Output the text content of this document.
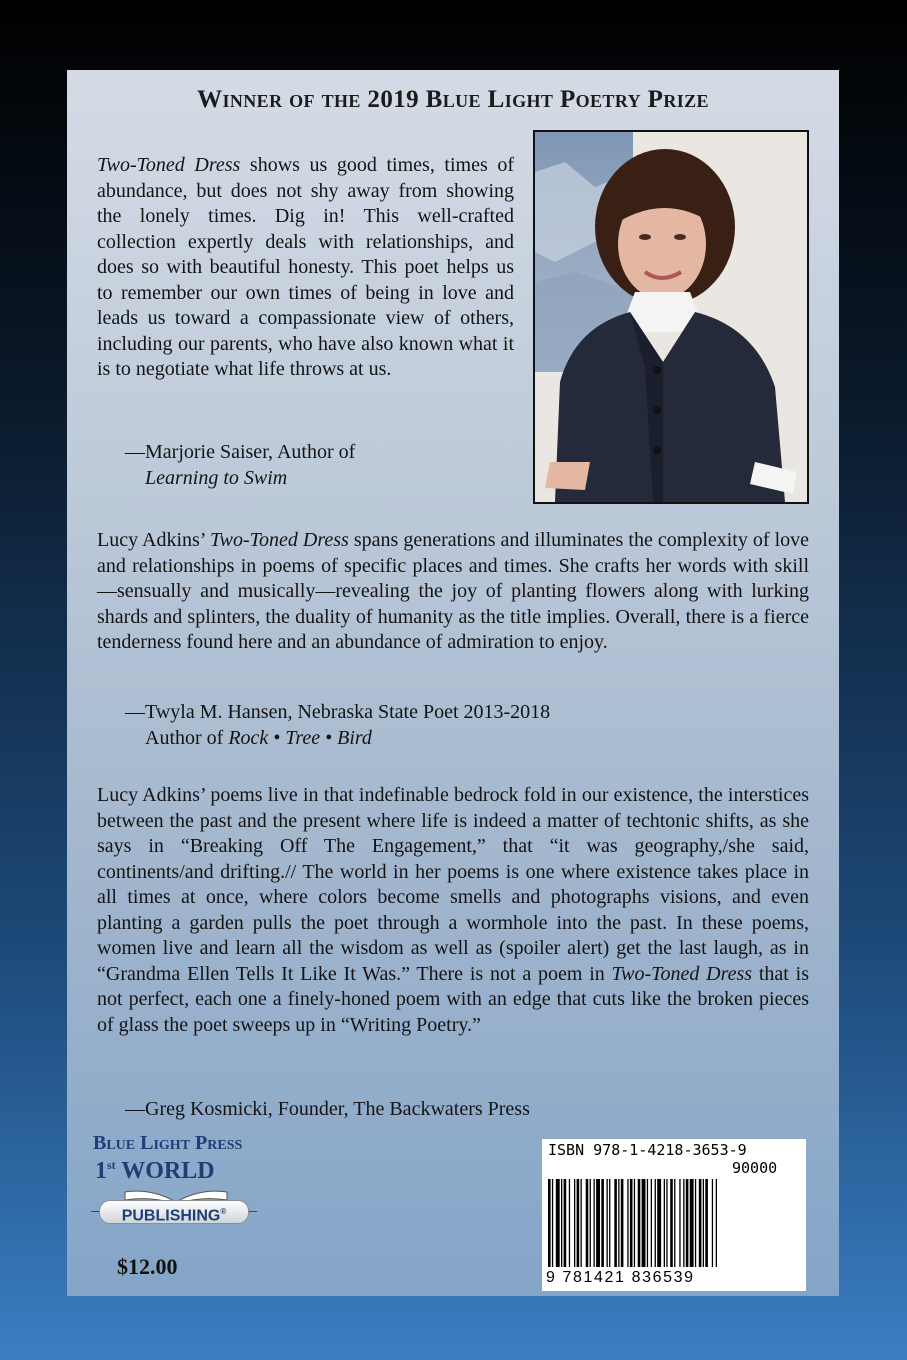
Winner of the 2019 Blue Light Poetry Prize

Two-Toned Dress shows us good times, times of abundance, but does not shy away from showing the lonely times. Dig in! This well-crafted collection expertly deals with relationships, and does so with beautiful honesty. This poet helps us to remember our own times of being in love and leads us toward a compassionate view of others, including our parents, who have also known what it is to negotiate what life throws at us.

—Marjorie Saiser, Author of
Learning to Swim

Lucy Adkins’ Two-Toned Dress spans generations and illuminates the complexity of love and relationships in poems of specific places and times. She crafts her words with skill—sensually and musically—revealing the joy of planting flowers along with lurking shards and splinters, the duality of humanity as the title implies. Overall, there is a fierce tenderness found here and an abundance of admiration to enjoy.

—Twyla M. Hansen, Nebraska State Poet 2013-2018
Author of Rock • Tree • Bird

Lucy Adkins’ poems live in that indefinable bedrock fold in our existence, the interstices between the past and the present where life is indeed a matter of techtonic shifts, as she says in “Breaking Off The Engagement,” that “it was geography,/she said, continents/and drifting.// The world in her poems is one where existence takes place in all times at once, where colors become smells and photographs visions, and even planting a garden pulls the poet through a wormhole into the past. In these poems, women live and learn all the wisdom as well as (spoiler alert) get the last laugh, as in “Grandma Ellen Tells It Like It Was.” There is not a poem in Two-Toned Dress that is not perfect, each one a finely-honed poem with an edge that cuts like the broken pieces of glass the poet sweeps up in “Writing Poetry.”

—Greg Kosmicki, Founder, The Backwaters Press
Blue Light Press
1st WORLD
PUBLISHING®

$12.00

ISBN 978-1-4218-3653-9

90000

9 781421 836539
